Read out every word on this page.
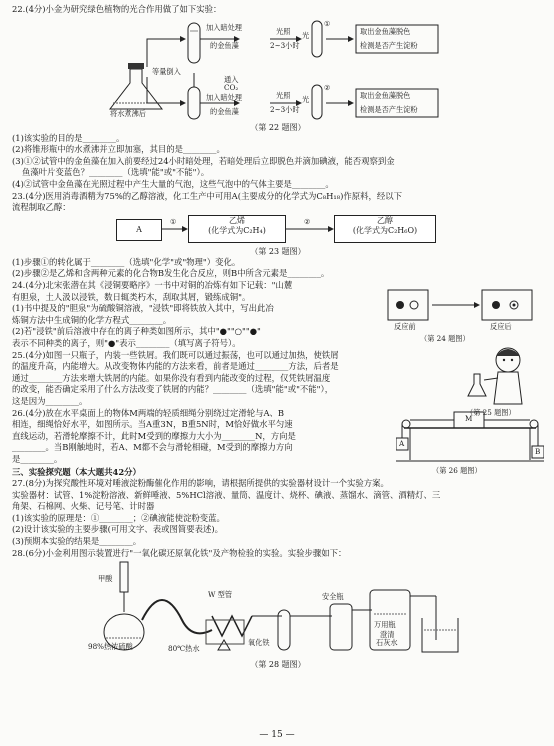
22.(4分)小金为研究绿色植物的光合作用做了如下实验：

等量倒入
将水煮沸后
加入暗处理
的金鱼藻
光照
2~3小时
光
①
取出金鱼藻脱色
检测是否产生淀粉
通入
CO₂
加入暗处理
的金鱼藻
光照
2~3小时
光
②
取出金鱼藻脱色
检测是否产生淀粉
（第 22 题图）
(1)该实验的目的是________。
(2)将锥形瓶中的水煮沸并立即加塞，其目的是________。
(3)①②试管中的金鱼藻在加入前要经过24小时暗处理，若暗处理后立即脱色并滴加碘液，能否观察到金
鱼藻叶片变蓝色？________（选填"能"或"不能"）。
(4)②试管中金鱼藻在光照过程中产生大量的气泡，这些气泡中的气体主要是________。
23.(4分)医用消毒酒精为75%的乙醇溶液，化工生产中可用A(主要成分的化学式为C₈H₁₈)作原料，经以下
流程制取乙醇：
A
乙烯
(化学式为C₂H₄)
乙醇
(化学式为C₂H₆O)
①	②
（第 23 题图）
(1)步骤①的转化属于________（选填"化学"或"物理"）变化。
(2)步骤②是乙烯和含两种元素的化合物B发生化合反应，则B中所含元素是________。
24.(4分)北宋张潜在其《浸铜要略序》一书中对铜的冶炼有如下记载："山麓
有胆泉，土人汲以浸铁，数日辄类朽木，刮取其屑，锻练成铜"。
(1)书中提及的"胆泉"为硫酸铜溶液，"浸铁"即将铁放入其中，写出此冶
炼铜方法中生成铜的化学方程式________。
(2)若"浸铁"前后溶液中存在的离子种类如图所示，其中"●""○""●"
表示不同种类的离子，则"●"表示________（填写离子符号）。
反应前	反应后
（第 24 题图）
25.(4分)如图一只瓶子，内装一些铁屑。我们既可以通过振荡，也可以通过加热，使铁屑
的温度升高，内能增大。从改变物体内能的方法来看，前者是通过________方法，后者是
通过________方法来增大铁屑的内能。如果你没有看到内能改变的过程，仅凭铁屑温度
的改变，能否确定采用了什么方法改变了铁屑的内能？________（选填"能"或"不能"），
这是因为________。
（第 25 题图）
26.(4分)放在水平桌面上的物体M两端的轻质细绳分别绕过定滑轮与A、B
相连，细绳恰好水平，如图所示。当A重3N，B重5N时，M恰好做水平匀速
直线运动，若滑轮摩擦不计，此时M受到的摩擦力大小为________N，方向是
________。当B刚触地时，若A、M都不会与滑轮相碰，M受到的摩擦力方向
是________。
M
A
B
（第 26 题图）
三、实验探究题（本大题共42分）
27.(8分)为探究酸性环境对唾液淀粉酶催化作用的影响，请根据所提供的实验器材设计一个实验方案。
实验器材：试管、1%淀粉溶液、新鲜唾液、5%HCl溶液、量筒、温度计、烧杯、碘液、蒸馏水、滴管、酒精灯、三
角架、石棉网、火柴、记号笔、计时器
(1)该实验的原理是：①________；②碘液能使淀粉变蓝。
(2)设计该实验的主要步骤(可用文字、表或图简要表述)。
(3)预期本实验的结果是________。
28.(6分)小金利用图示装置进行"一氧化碳还原氧化铁"及产物检验的实验。实验步骤如下：
甲酸
W 型管
98%热浓硫酸	80℃热水
氧化铁
安全瓶
万用瓶
澄清
石灰水
（第 28 题图）
— 15 —
